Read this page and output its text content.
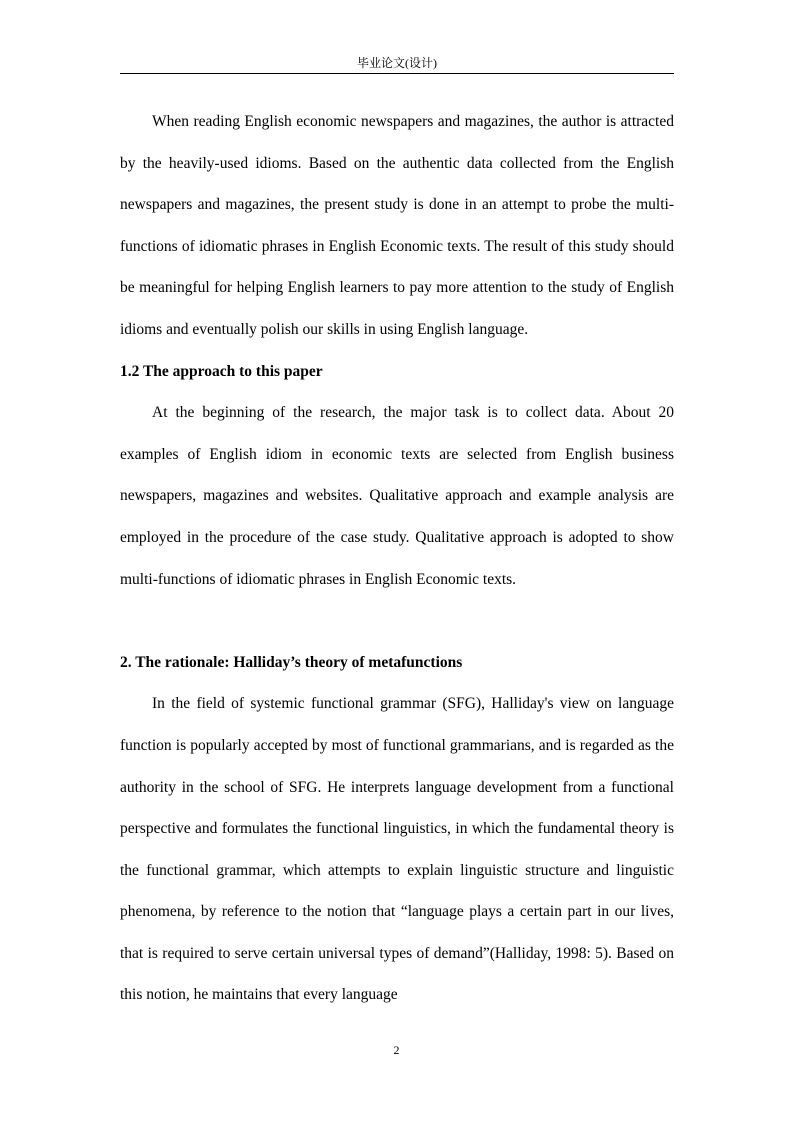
毕业论文(设计)

When reading English economic newspapers and magazines, the author is attracted by the heavily-used idioms. Based on the authentic data collected from the English newspapers and magazines, the present study is done in an attempt to probe the multi-functions of idiomatic phrases in English Economic texts. The result of this study should be meaningful for helping English learners to pay more attention to the study of English idioms and eventually polish our skills in using English language.

1.2 The approach to this paper

At the beginning of the research, the major task is to collect data. About 20 examples of English idiom in economic texts are selected from English business newspapers, magazines and websites. Qualitative approach and example analysis are employed in the procedure of the case study. Qualitative approach is adopted to show multi-functions of idiomatic phrases in English Economic texts.

2. The rationale: Halliday’s theory of metafunctions

In the field of systemic functional grammar (SFG), Halliday's view on language function is popularly accepted by most of functional grammarians, and is regarded as the authority in the school of SFG. He interprets language development from a functional perspective and formulates the functional linguistics, in which the fundamental theory is the functional grammar, which attempts to explain linguistic structure and linguistic phenomena, by reference to the notion that “language plays a certain part in our lives, that is required to serve certain universal types of demand”(Halliday, 1998: 5). Based on this notion, he maintains that every language

2
